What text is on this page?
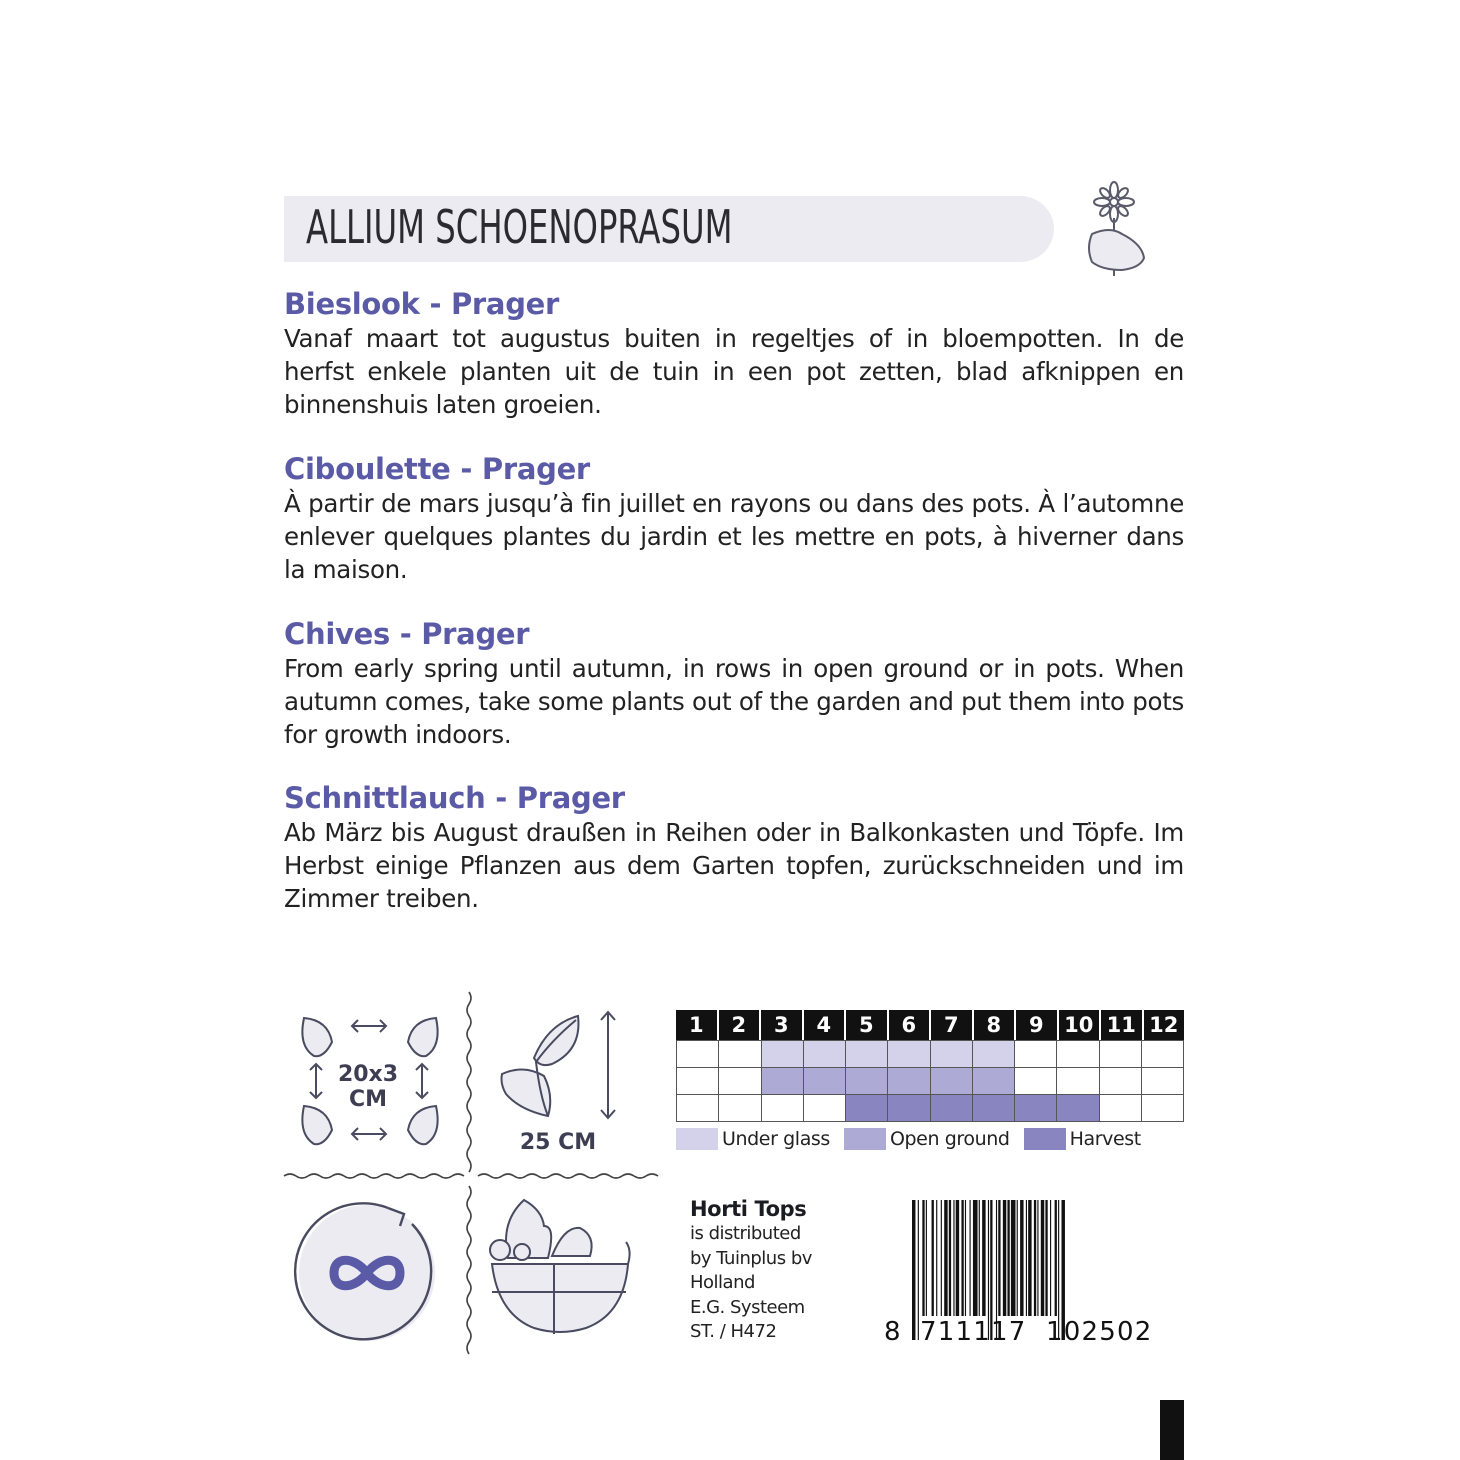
ALLIUM SCHOENOPRASUM
Bieslook - Prager

Vanaf maart tot augustus buiten in regeltjes of in bloempotten. In de herfst enkele planten uit de tuin in een pot zetten, blad afknippen en binnenshuis laten groeien.

Ciboulette - Prager

À partir de mars jusqu’à fin juillet en rayons ou dans des pots. À l’automne enlever quelques plantes du jardin et les mettre en pots, à hiverner dans la maison.

Chives - Prager

From early spring until autumn, in rows in open ground or in pots. When autumn comes, take some plants out of the garden and put them into pots for growth indoors.

Schnittlauch - Prager

Ab März bis August draußen in Reihen oder in Balkonkasten und Töpfe. Im Herbst einige Pflanzen aus dem Garten topfen, zurückschneiden und im Zimmer treiben.

20x3
CM
25 CM
1	2	3	4	5	6	7	8	9 10 11 12
Under glass	Open ground	Harvest
Horti Tops
is distributed
by Tuinplus bv
Holland
E.G. Systeem
ST. / H472	8 711117 102502
